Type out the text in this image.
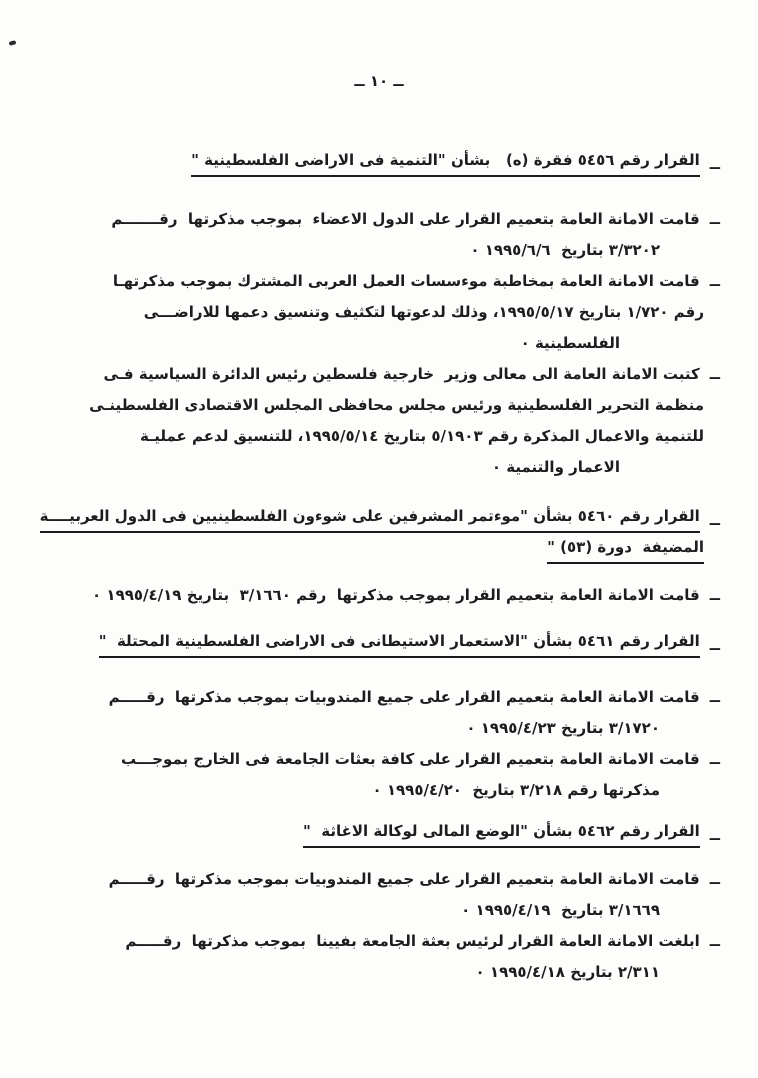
ــ ١٠ ــ
ــ
القرار رقم ٥٤٥٦ فقرة (ه)   بشأن "التنمية فى الاراضى الفلسطينية "
ــ
قامت الامانة العامة بتعميم القرار على الدول الاعضاء  بموجب مذكرتها  رقـــــــم
٣/٣٢٠٢ بتاريخ  ١٩٩٥/٦/٦ ٠
ــ
قامت الامانة العامة بمخاطبة موءسسات العمل العربى المشترك بموجب مذكرتهـا
رقم ١/٧٢٠ بتاريخ ١٩٩٥/٥/١٧، وذلك لدعوتها لتكثيف وتنسيق دعمها للاراضـــى
الفلسطينية ٠
ــ
كتبت الامانة العامة الى معالى وزير  خارجية فلسطين رئيس الدائرة السياسية فـى
منظمة التحرير الفلسطينية ورئيس مجلس محافظى المجلس الاقتصادى الفلسطينـى
للتنمية والاعمال المذكرة رقم ٥/١٩٠٣ بتاريخ ١٩٩٥/٥/١٤، للتنسيق لدعم عمليـة
الاعمار والتنمية ٠
ــ
القرار رقم ٥٤٦٠ بشأن "موءتمر المشرفين على شوءون الفلسطينيين فى الدول العربيــــة
المضيفة  دورة (٥٣) "
ــ
قامت الامانة العامة بتعميم القرار بموجب مذكرتها  رقم ٣/١٦٦٠  بتاريخ ١٩٩٥/٤/١٩ ٠
ــ
القرار رقم ٥٤٦١ بشأن "الاستعمار الاستيطانى فى الاراضى الفلسطينية المحتلة  "
ــ
قامت الامانة العامة بتعميم القرار على جميع المندوبيات بموجب مذكرتها  رقـــــم
٣/١٧٢٠ بتاريخ ١٩٩٥/٤/٢٣ ٠
ــ
قامت الامانة العامة بتعميم القرار على كافة بعثات الجامعة فى الخارج بموجـــب
مذكرتها رقم ٣/٢١٨ بتاريخ  ١٩٩٥/٤/٢٠ ٠
ــ
القرار رقم ٥٤٦٢ بشأن "الوضع المالى لوكالة الاغاثة  "
ــ
قامت الامانة العامة بتعميم القرار على جميع المندوبيات بموجب مذكرتها  رقـــــم
٣/١٦٦٩ بتاريخ  ١٩٩٥/٤/١٩ ٠
ــ
ابلغت الامانة العامة القرار لرئيس بعثة الجامعة بفيينا  بموجب مذكرتها  رقـــــم
٢/٣١١ بتاريخ ١٩٩٥/٤/١٨ ٠
